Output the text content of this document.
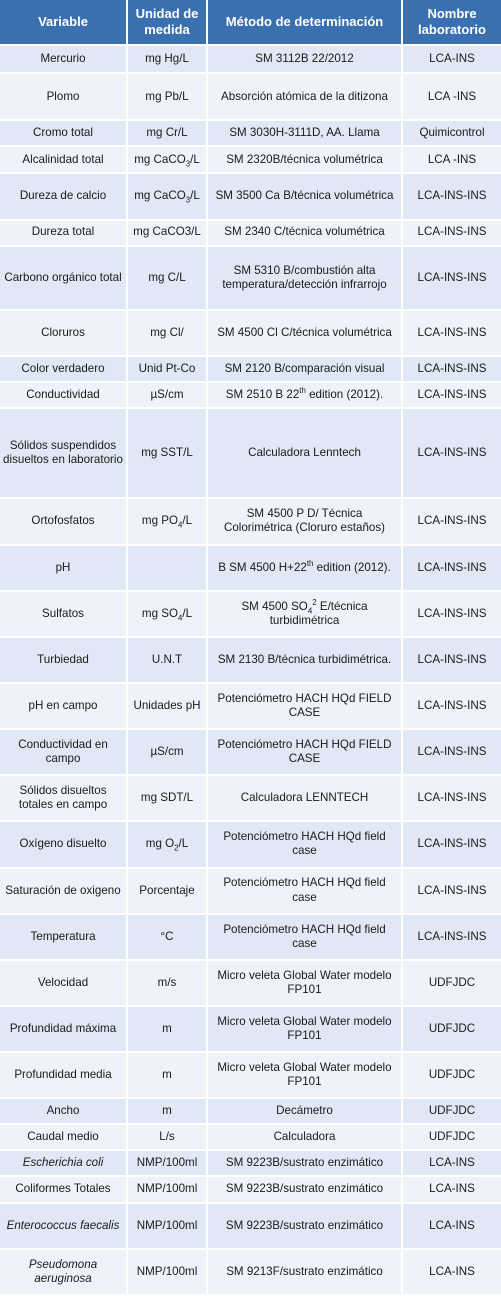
Variable	Unidad de medida	Método de determinación	Nombre laboratorio

Mercurio	mg Hg/L	SM 3112B 22/2012	LCA-INS
Plomo	mg Pb/L	Absorción atómica de la ditizona	LCA -INS
Cromo total	mg Cr/L	SM 3030H-3111D, AA. Llama	Quimicontrol
Alcalinidad total	mg CaCO$_3$/L	SM 2320B/técnica volumétrica	LCA -INS
Dureza de calcio	mg CaCO$_3$/L	SM 3500 Ca B/técnica volumétrica	LCA-INS-INS
Dureza total	mg CaCO3/L	SM 2340 C/técnica volumétrica	LCA-INS-INS
Carbono orgánico total	mg C/L	SM 5310 B/combustión alta temperatura/detección infrarrojo	LCA-INS-INS
Cloruros	mg Cl/	SM 4500 Cl C/técnica volumétrica	LCA-INS-INS
Color verdadero	Unid Pt-Co	SM 2120 B/comparación visual	LCA-INS-INS
Conductividad	µS/cm	SM 2510 B 22th edition (2012).	LCA-INS-INS
Sólidos suspendidos disueltos en laboratorio	mg SST/L	Calculadora Lenntech	LCA-INS-INS
Ortofosfatos	mg $PO_4/L$	SM 4500 P D/ Técnica Colorimétrica (Cloruro estaños)	LCA-INS-INS
pH		B SM 4500 H+22th edition (2012).	LCA-INS-INS
Sulfatos	mg $SO_4/L$	SM 4500 $SO_4^2$ E/técnica turbidimétrica	LCA-INS-INS
Turbiedad	U.N.T	SM 2130 B/técnica turbidimétrica.	LCA-INS-INS
pH en campo	Unidades pH	Potenciómetro HACH HQd FIELD CASE	LCA-INS-INS
Conductividad en campo	µS/cm	Potenciómetro HACH HQd FIELD CASE	LCA-INS-INS
Sólidos disueltos totales en campo	mg SDT/L	Calculadora LENNTECH	LCA-INS-INS
Oxígeno disuelto	mg $O_2/L$	Potenciómetro HACH HQd field case	LCA-INS-INS
Saturación de oxigeno	Porcentaje	Potenciómetro HACH HQd field case	LCA-INS-INS
Temperatura	°C	Potenciómetro HACH HQd field case	LCA-INS-INS
Velocidad	m/s	Micro veleta Global Water modelo FP101	UDFJDC
Profundidad máxima	m	Micro veleta Global Water modelo FP101	UDFJDC
Profundidad media	m	Micro veleta Global Water modelo FP101	UDFJDC
Ancho	m	Decámetro	UDFJDC
Caudal medio	L/s	Calculadora	UDFJDC
Escherichia coli	NMP/100ml	SM 9223B/sustrato enzimático	LCA-INS
Coliformes Totales	NMP/100ml	SM 9223B/sustrato enzimático	LCA-INS
Enterococcus faecalis	NMP/100ml	SM 9223B/sustrato enzimático	LCA-INS
Pseudomona aeruginosa	NMP/100ml	SM 9213F/sustrato enzimático	LCA-INS
